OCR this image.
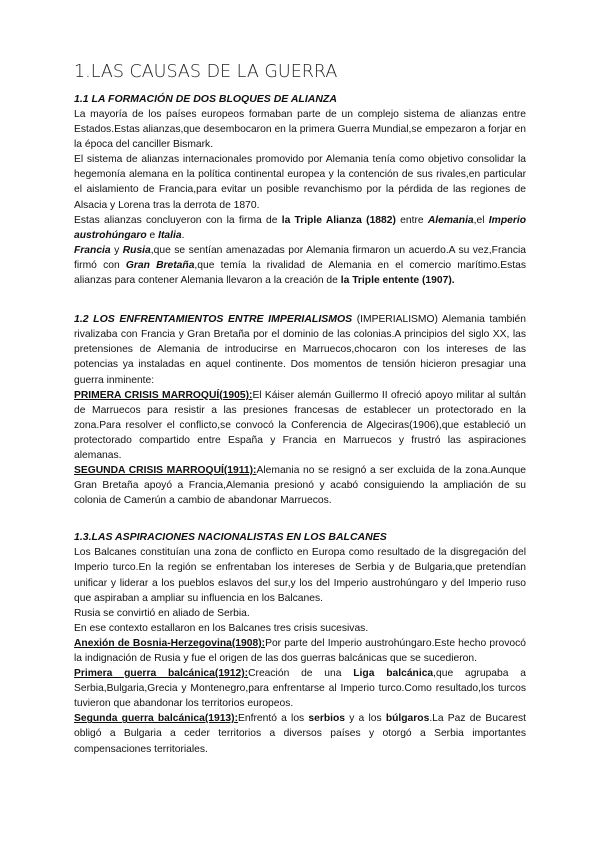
1.LAS CAUSAS DE LA GUERRA
1.1 LA FORMACIÓN DE DOS BLOQUES DE ALIANZA

La mayoría de los países europeos formaban parte de un complejo sistema de alianzas entre Estados.Estas alianzas,que desembocaron en la primera Guerra Mundial,se empezaron a forjar en la época del canciller Bismark.

El sistema de alianzas internacionales promovido por Alemania tenía como objetivo consolidar la hegemonía alemana en la política continental europea y la contención de sus rivales,en particular el aislamiento de Francia,para evitar un posible revanchismo por la pérdida de las regiones de Alsacia y Lorena tras la derrota de 1870.

Estas alianzas concluyeron con la firma de la Triple Alianza (1882) entre Alemania,el Imperio austrohúngaro e Italia.

Francia y Rusia,que se sentían amenazadas por Alemania firmaron un acuerdo.A su vez,Francia firmó con Gran Bretaña,que temía la rivalidad de Alemania en el comercio marítimo.Estas alianzas para contener Alemania llevaron a la creación de la Triple entente (1907).

1.2 LOS ENFRENTAMIENTOS ENTRE IMPERIALISMOS (IMPERIALISMO) Alemania también rivalizaba con Francia y Gran Bretaña por el dominio de las colonias.A principios del siglo XX, las pretensiones de Alemania de introducirse en Marruecos,chocaron con los intereses de las potencias ya instaladas en aquel continente. Dos momentos de tensión hicieron presagiar una guerra inminente:

PRIMERA CRISIS MARROQUÍ(1905):El Káiser alemán Guillermo II ofreció apoyo militar al sultán de Marruecos para resistir a las presiones francesas de establecer un protectorado en la zona.Para resolver el conflicto,se convocó la Conferencia de Algeciras(1906),que estableció un protectorado compartido entre España y Francia en Marruecos y frustró las aspiraciones alemanas.

SEGUNDA CRISIS MARROQUÍ(1911):Alemania no se resignó a ser excluida de la zona.Aunque Gran Bretaña apoyó a Francia,Alemania presionó y acabó consiguiendo la ampliación de su colonia de Camerún a cambio de abandonar Marruecos.

1.3.LAS ASPIRACIONES NACIONALISTAS EN LOS BALCANES

Los Balcanes constituían una zona de conflicto en Europa como resultado de la disgregación del Imperio turco.En la región se enfrentaban los intereses de Serbia y de Bulgaria,que pretendían unificar y liderar a los pueblos eslavos del sur,y los del Imperio austrohúngaro y del Imperio ruso que aspiraban a ampliar su influencia en los Balcanes.

Rusia se convirtió en aliado de Serbia.

En ese contexto estallaron en los Balcanes tres crisis sucesivas.

Anexión de Bosnia-Herzegovina(1908):Por parte del Imperio austrohúngaro.Este hecho provocó la indignación de Rusia y fue el origen de las dos guerras balcánicas que se sucedieron.

Primera guerra balcánica(1912):Creación de una Liga balcánica,que agrupaba a Serbia,Bulgaria,Grecia y Montenegro,para enfrentarse al Imperio turco.Como resultado,los turcos tuvieron que abandonar los territorios europeos.

Segunda guerra balcánica(1913):Enfrentó a los serbios y a los búlgaros.La Paz de Bucarest obligó a Bulgaria a ceder territorios a diversos países y otorgó a Serbia importantes compensaciones territoriales.
